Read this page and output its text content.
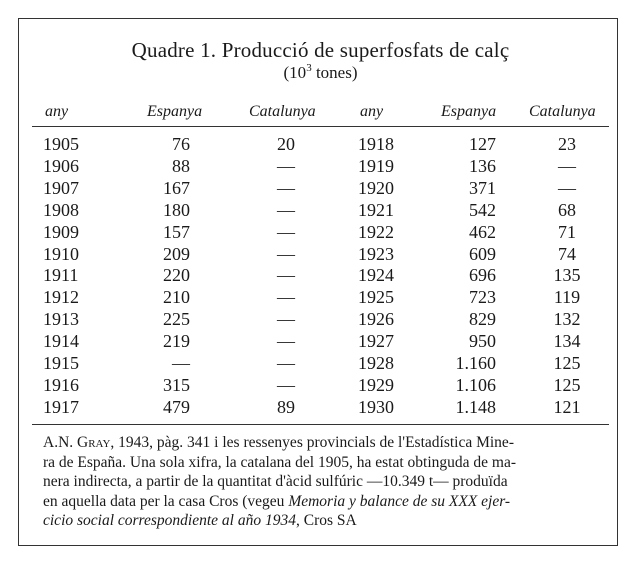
Quadre 1. Producció de superfosfats de calç
($10^3$ tones)
any	Espanya	Catalunya	any	Espanya Catalunya
1905	76	20	1918	127	23
1906	88	—	1919	136	—
1907	167	—	1920	371	—
1908	180	—	1921	542	68
1909	157	—	1922	462	71
1910	209	—	1923	609	74
1911	220	—	1924	696	135
1912	210	—	1925	723	119
1913	225	—	1926	829	132
1914	219	—	1927	950	134
1915	—	—	1928	1.160	125
1916	315	—	1929	1.106	125
1917	479	89	1930	1.148	121
A.N. Gray, 1943, pàg. 341 i les ressenyes provincials de l'Estadística Mine-
ra de España. Una sola xifra, la catalana del 1905, ha estat obtinguda de ma-
nera indirecta, a partir de la quantitat d'àcid sulfúric —10.349 t— produïda
en aquella data per la casa Cros (vegeu Memoria y balance de su XXX ejer-
cicio social correspondiente al año 1934, Cros SA
